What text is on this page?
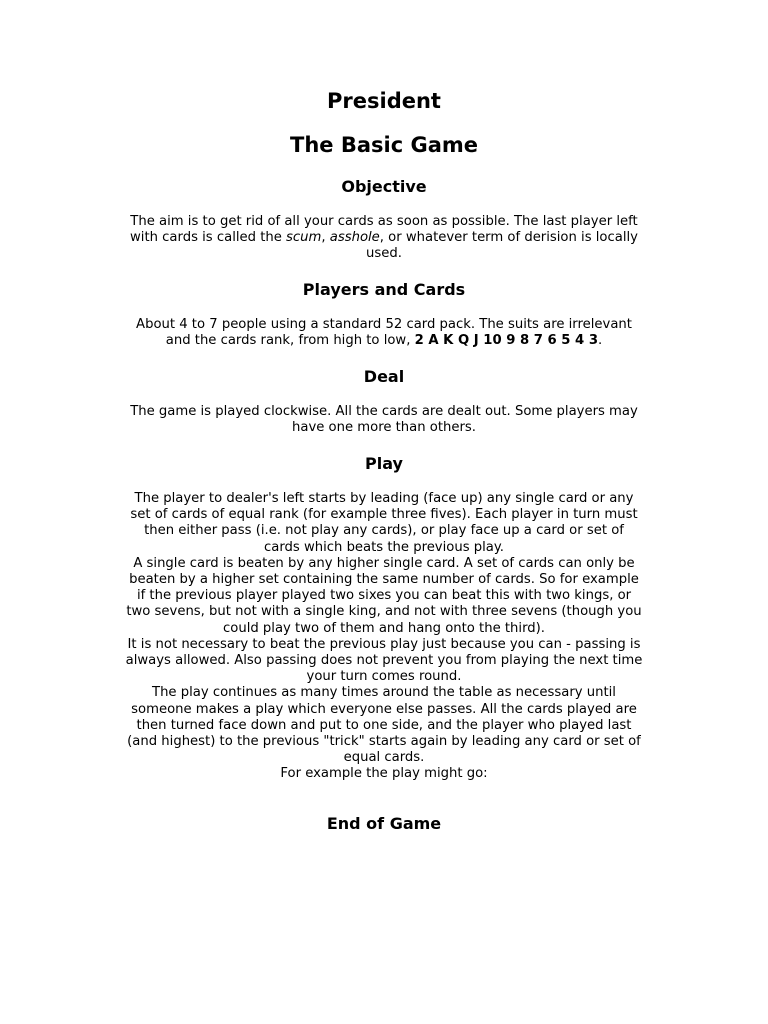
President
The Basic Game
Objective

The aim is to get rid of all your cards as soon as possible. The last player left
with cards is called the scum, asshole, or whatever term of derision is locally
used.

Players and Cards

About 4 to 7 people using a standard 52 card pack. The suits are irrelevant
and the cards rank, from high to low, 2 A K Q J 10 9 8 7 6 5 4 3.

Deal

The game is played clockwise. All the cards are dealt out. Some players may
have one more than others.

Play

The player to dealer's left starts by leading (face up) any single card or any
set of cards of equal rank (for example three fives). Each player in turn must
then either pass (i.e. not play any cards), or play face up a card or set of
cards which beats the previous play.
A single card is beaten by any higher single card. A set of cards can only be
beaten by a higher set containing the same number of cards. So for example
if the previous player played two sixes you can beat this with two kings, or
two sevens, but not with a single king, and not with three sevens (though you
could play two of them and hang onto the third).
It is not necessary to beat the previous play just because you can - passing is
always allowed. Also passing does not prevent you from playing the next time
your turn comes round.
The play continues as many times around the table as necessary until
someone makes a play which everyone else passes. All the cards played are
then turned face down and put to one side, and the player who played last
(and highest) to the previous "trick" starts again by leading any card or set of
equal cards.
For example the play might go:

End of Game
